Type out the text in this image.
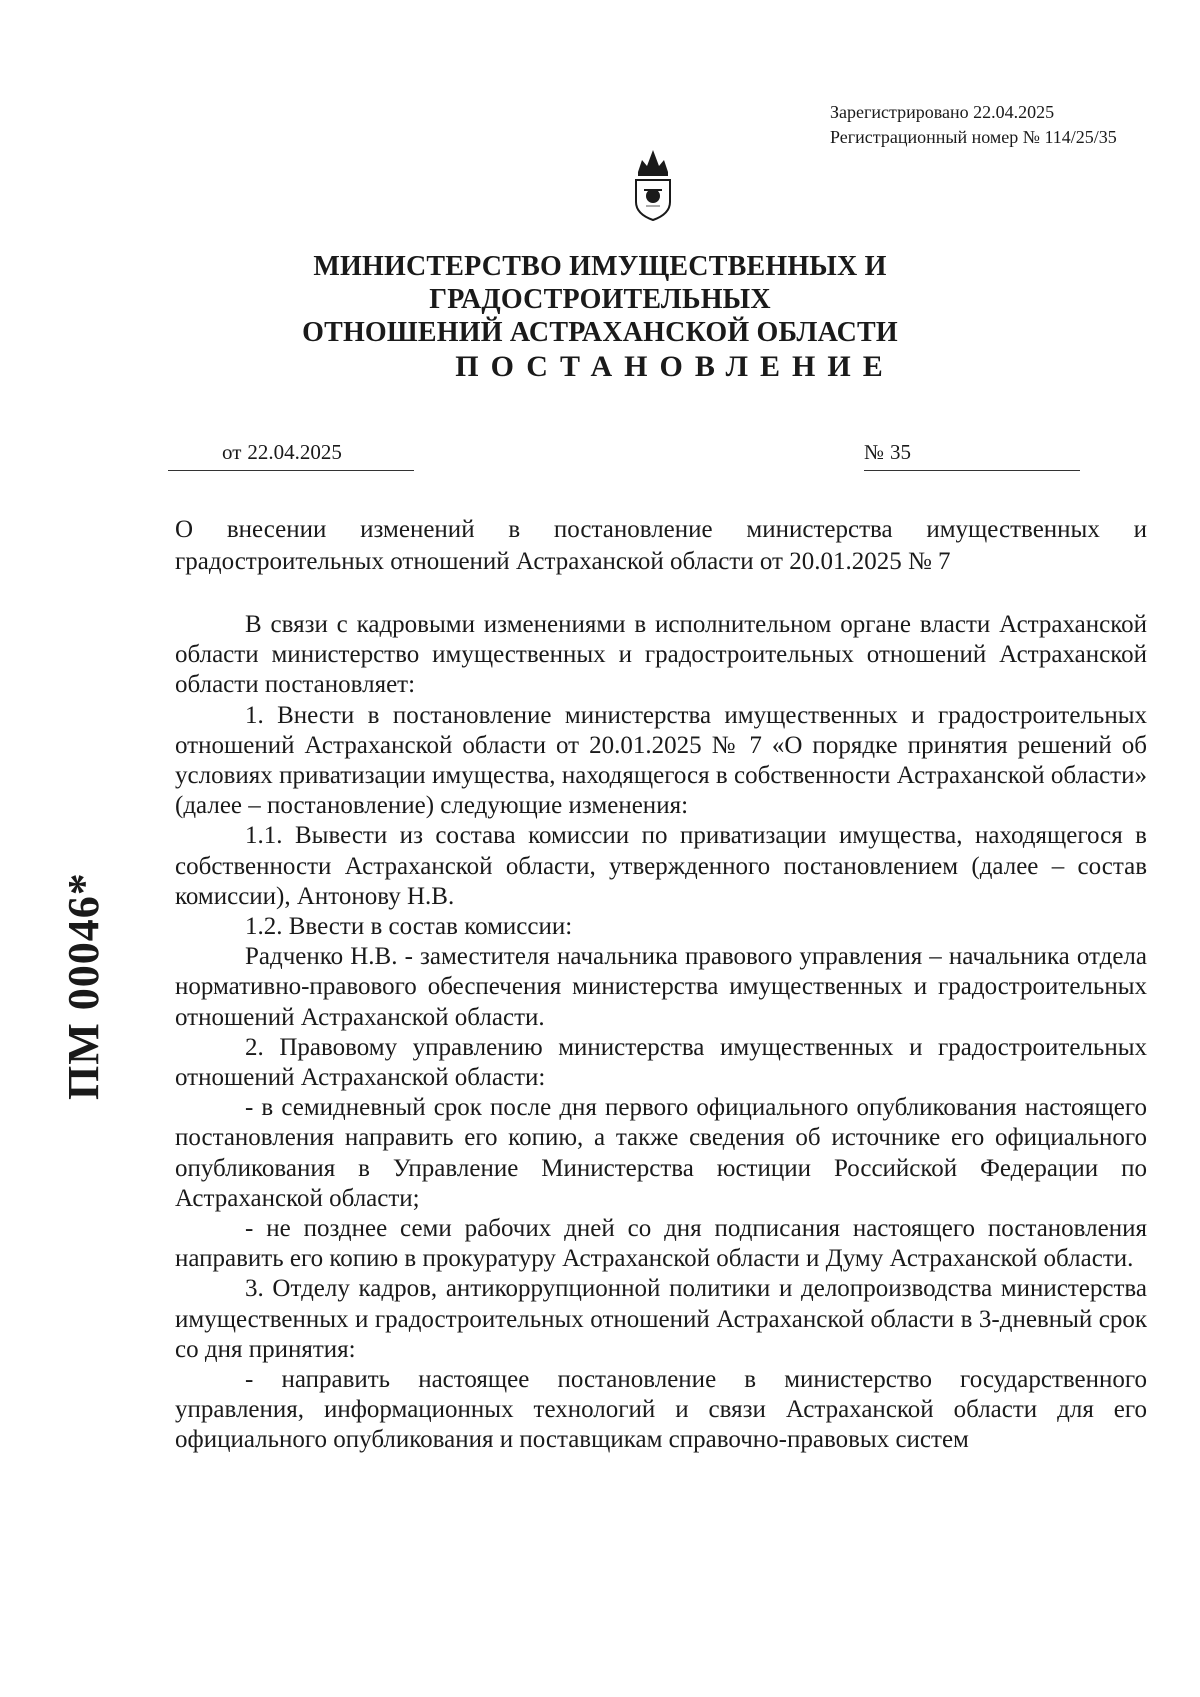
Зарегистрировано 22.04.2025
Регистрационный номер № 114/25/35
МИНИСТЕРСТВО ИМУЩЕСТВЕННЫХ И ГРАДОСТРОИТЕЛЬНЫХ
ОТНОШЕНИЙ АСТРАХАНСКОЙ ОБЛАСТИ
ПОСТАНОВЛЕНИЕ
от 22.04.2025	№ 35
О внесении изменений в постановление министерства имущественных и градостроительных отношений Астраханской области от 20.01.2025 № 7

В связи с кадровыми изменениями в исполнительном органе власти Астраханской области министерство имущественных и градостроительных отношений Астраханской области постановляет:

1. Внести в постановление министерства имущественных и градостроительных отношений Астраханской области от 20.01.2025 № 7 «О порядке принятия решений об условиях приватизации имущества, находящегося в собственности Астраханской области» (далее – постановление) следующие изменения:

1.1. Вывести из состава комиссии по приватизации имущества, находящегося в собственности Астраханской области, утвержденного постановлением (далее – состав комиссии), Антонову Н.В.

1.2. Ввести в состав комиссии:

Радченко Н.В. - заместителя начальника правового управления – начальника отдела нормативно-правового обеспечения министерства имущественных и градостроительных отношений Астраханской области.

2. Правовому управлению министерства имущественных и градостроительных отношений Астраханской области:

- в семидневный срок после дня первого официального опубликования настоящего постановления направить его копию, а также сведения об источнике его официального опубликования в Управление Министерства юстиции Российской Федерации по Астраханской области;

- не позднее семи рабочих дней со дня подписания настоящего постановления направить его копию в прокуратуру Астраханской области и Думу Астраханской области.

3. Отделу кадров, антикоррупционной политики и делопроизводства министерства имущественных и градостроительных отношений Астраханской области в 3-дневный срок со дня принятия:

- направить настоящее постановление в министерство государственного управления, информационных технологий и связи Астраханской области для его официального опубликования и поставщикам справочно-правовых систем

ПМ 00046*
